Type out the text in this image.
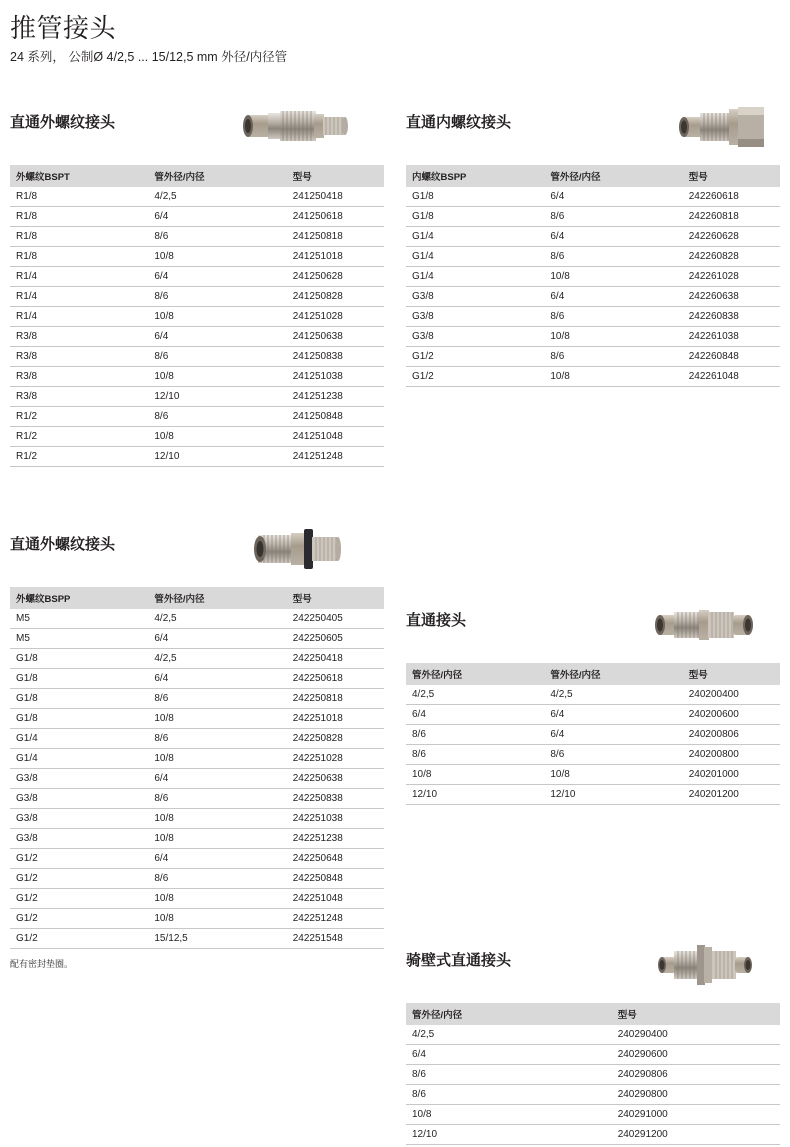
推管接头
24 系列， 公制Ø 4/2,5 ... 15/12,5 mm 外径/内径管
直通外螺纹接头
外螺纹BSPT	管外径/内径	型号
R1/8	4/2,5	241250418
R1/8	6/4	241250618
R1/8	8/6	241250818
R1/8	10/8	241251018
R1/4	6/4	241250628
R1/4	8/6	241250828
R1/4	10/8	241251028
R3/8	6/4	241250638
R3/8	8/6	241250838
R3/8	10/8	241251038
R3/8	12/10	241251238
R1/2	8/6	241250848
R1/2	10/8	241251048
R1/2	12/10	241251248
直通外螺纹接头
外螺纹BSPP	管外径/内径	型号
M5	4/2,5	242250405
M5	6/4	242250605
G1/8	4/2,5	242250418
G1/8	6/4	242250618
G1/8	8/6	242250818
G1/8	10/8	242251018
G1/4	8/6	242250828
G1/4	10/8	242251028
G3/8	6/4	242250638
G3/8	8/6	242250838
G3/8	10/8	242251038
G3/8	10/8	242251238
G1/2	6/4	242250648
G1/2	8/6	242250848
G1/2	10/8	242251048
G1/2	10/8	242251248
G1/2	15/12,5	242251548
配有密封垫圈。
直通内螺纹接头
内螺纹BSPP	管外径/内径	型号
G1/8	6/4	242260618
G1/8	8/6	242260818
G1/4	6/4	242260628
G1/4	8/6	242260828
G1/4	10/8	242261028
G3/8	6/4	242260638
G3/8	8/6	242260838
G3/8	10/8	242261038
G1/2	8/6	242260848
G1/2	10/8	242261048
直通接头
管外径/内径	管外径/内径	型号
4/2,5	4/2,5	240200400
6/4	6/4	240200600
8/6	6/4	240200806
8/6	8/6	240200800
10/8	10/8	240201000
12/10	12/10	240201200
骑壁式直通接头
管外径/内径	型号
4/2,5	240290400
6/4	240290600
8/6	240290806
8/6	240290800
10/8	240291000
12/10	240291200
